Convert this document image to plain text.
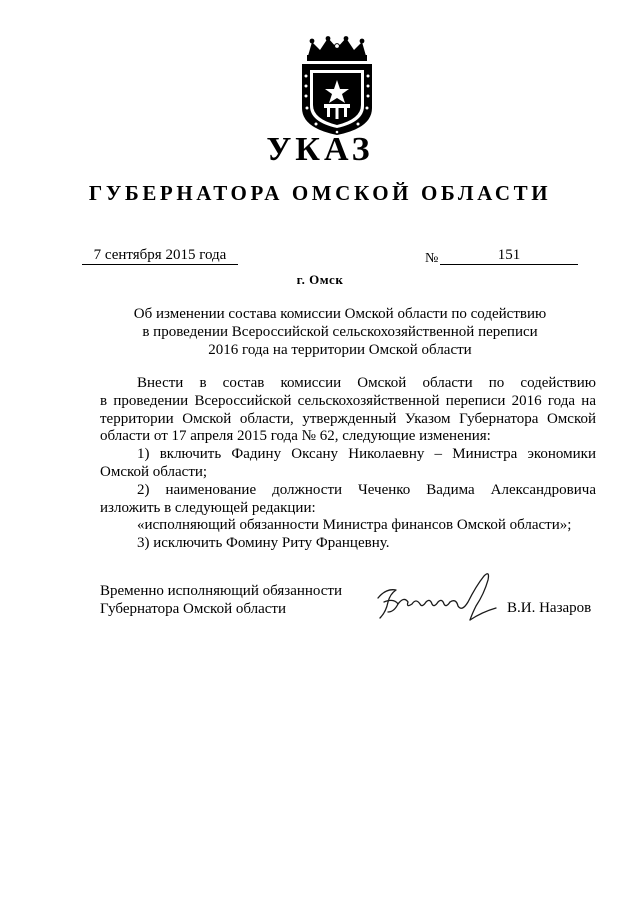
УКАЗ
ГУБЕРНАТОРА ОМСКОЙ ОБЛАСТИ
7 сентября 2015 года	№	151
г. Омск
Об изменении состава комиссии Омской области по содействию
в проведении Всероссийской сельскохозяйственной переписи
2016 года на территории Омской области
Внести в состав комиссии Омской области по содействию
в проведении Всероссийской сельскохозяйственной переписи 2016 года на
территории Омской области, утвержденный Указом Губернатора Омской
области от 17 апреля 2015 года № 62, следующие изменения:
1) включить Фадину Оксану Николаевну – Министра экономики
Омской области;
2) наименование должности Чеченко Вадима Александровича
изложить в следующей редакции:
«исполняющий обязанности Министра финансов Омской области»;
3) исключить Фомину Риту Францевну.
Временно исполняющий обязанности
Губернатора Омской области	В.И. Назаров
